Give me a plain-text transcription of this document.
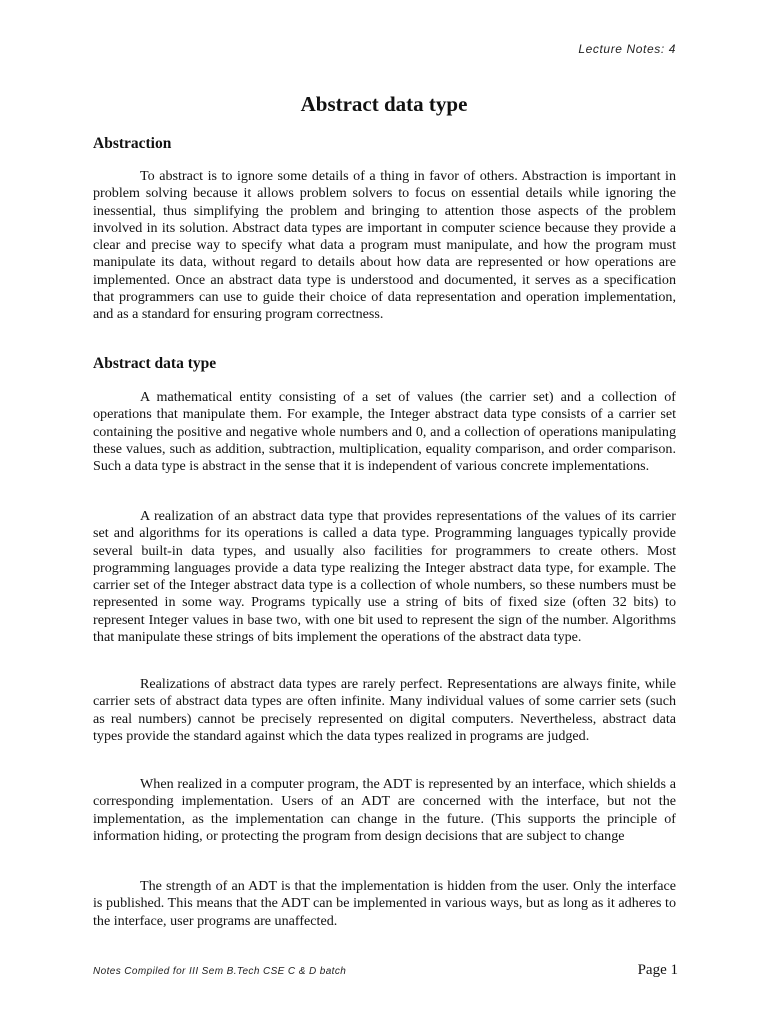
Lecture Notes: 4
Abstract data type
Abstraction

To abstract is to ignore some details of a thing in favor of others. Abstraction is important in problem solving because it allows problem solvers to focus on essential details while ignoring the inessential, thus simplifying the problem and bringing to attention those aspects of the problem involved in its solution. Abstract data types are important in computer science because they provide a clear and precise way to specify what data a program must manipulate, and how the program must manipulate its data, without regard to details about how data are represented or how operations are implemented. Once an abstract data type is understood and documented, it serves as a specification that programmers can use to guide their choice of data representation and operation implementation, and as a standard for ensuring program correctness.

Abstract data type

A mathematical entity consisting of a set of values (the carrier set) and a collection of operations that manipulate them. For example, the Integer abstract data type consists of a carrier set containing the positive and negative whole numbers and 0, and a collection of operations manipulating these values, such as addition, subtraction, multiplication, equality comparison, and order comparison. Such a data type is abstract in the sense that it is independent of various concrete implementations.

A realization of an abstract data type that provides representations of the values of its carrier set and algorithms for its operations is called a data type. Programming languages typically provide several built-in data types, and usually also facilities for programmers to create others. Most programming languages provide a data type realizing the Integer abstract data type, for example. The carrier set of the Integer abstract data type is a collection of whole numbers, so these numbers must be represented in some way. Programs typically use a string of bits of fixed size (often 32 bits) to represent Integer values in base two, with one bit used to represent the sign of the number. Algorithms that manipulate these strings of bits implement the operations of the abstract data type.

Realizations of abstract data types are rarely perfect. Representations are always finite, while carrier sets of abstract data types are often infinite. Many individual values of some carrier sets (such as real numbers) cannot be precisely represented on digital computers. Nevertheless, abstract data types provide the standard against which the data types realized in programs are judged.

When realized in a computer program, the ADT is represented by an interface, which shields a corresponding implementation. Users of an ADT are concerned with the interface, but not the implementation, as the implementation can change in the future. (This supports the principle of information hiding, or protecting the program from design decisions that are subject to change

The strength of an ADT is that the implementation is hidden from the user. Only the interface is published. This means that the ADT can be implemented in various ways, but as long as it adheres to the interface, user programs are unaffected.

Notes Compiled for III Sem B.Tech CSE C & D batch	Page 1
